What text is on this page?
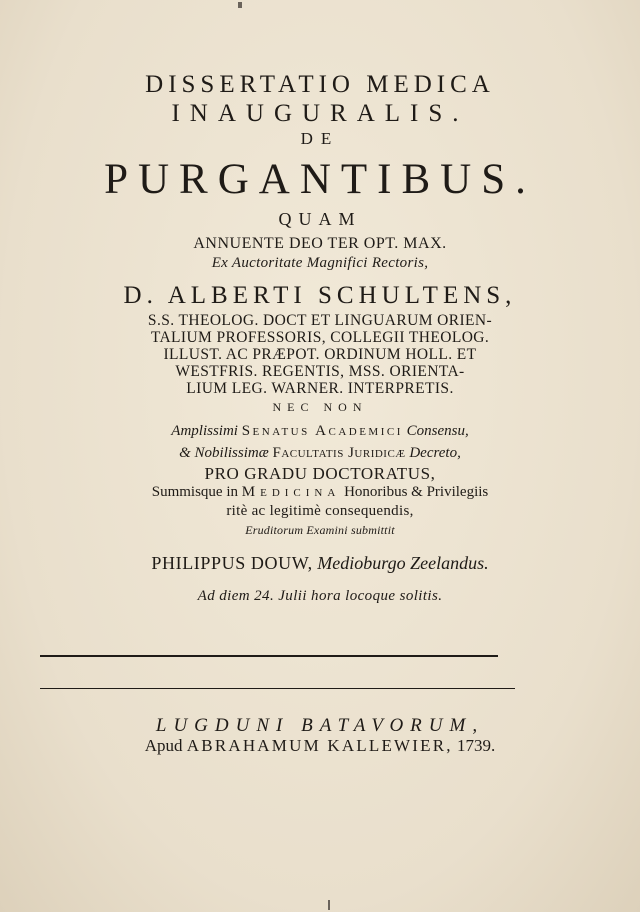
DISSERTATIO MEDICA
INAUGURALIS.
DE
PURGANTIBUS.
QUAM
ANNUENTE DEO TER OPT. MAX.
Ex Auctoritate Magnifici Rectoris,
D. ALBERTI SCHULTENS,
S.S. THEOLOG. DOCT ET LINGUARUM ORIEN-
TALIUM PROFESSORIS, COLLEGII THEOLOG.
ILLUST. AC PRÆPOT. ORDINUM HOLL. ET
WESTFRIS. REGENTIS, MSS. ORIENTA-
LIUM LEG. WARNER. INTERPRETIS.
NEC NON
Amplissimi Senatus Academici Consensu,
& Nobilissimæ Facultatis Juridicæ Decreto,
PRO GRADU DOCTORATUS,
Summisque in Medicina Honoribus & Privilegiis
ritè ac legitimè consequendis,
Eruditorum Examini submittit
PHILIPPUS DOUW, Medioburgo Zeelandus.
Ad diem 24. Julii hora locoque solitis.
LUGDUNI BATAVORUM,
Apud ABRAHAMUM KALLEWIER, 1739.
